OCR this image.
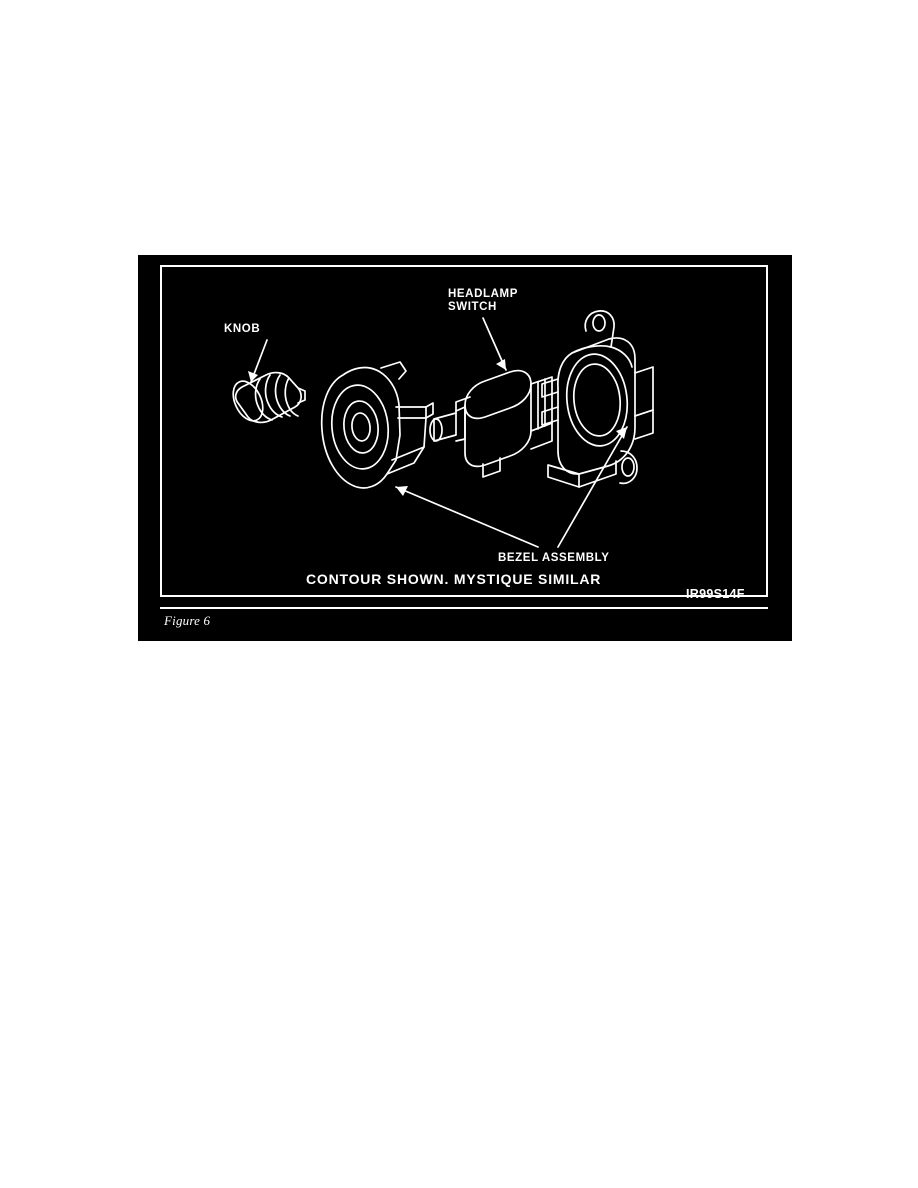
KNOB
HEADLAMP
SWITCH
BEZEL ASSEMBLY
CONTOUR SHOWN. MYSTIQUE SIMILAR
IR99S14F
Figure 6
